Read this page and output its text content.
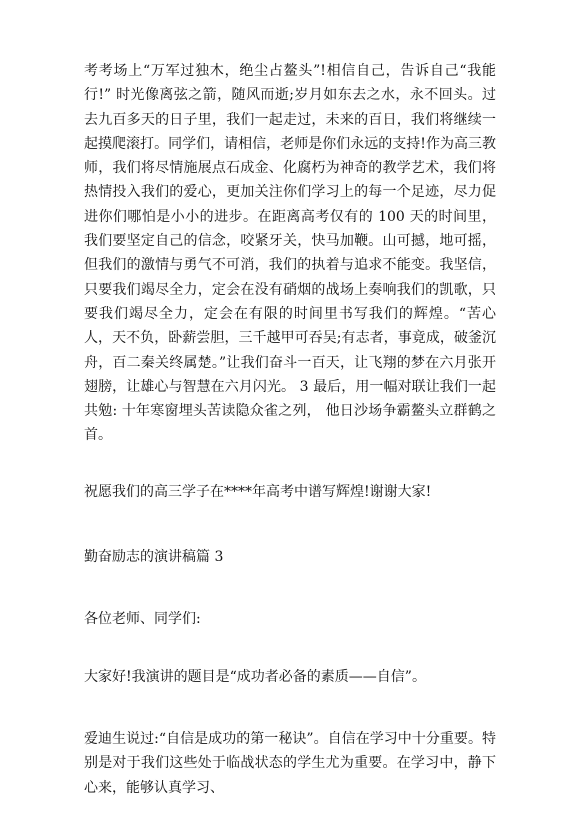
考考场上“万军过独木，绝尘占鳌头”!相信自己，告诉自己“我能行!” 时光像离弦之箭，随风而逝;岁月如东去之水，永不回头。过去九百多天的日子里，我们一起走过，未来的百日，我们将继续一起摸爬滚打。同学们，请相信，老师是你们永远的支持!作为高三教师，我们将尽情施展点石成金、化腐朽为神奇的教学艺术，我们将热情投入我们的爱心，更加关注你们学习上的每一个足迹，尽力促进你们哪怕是小小的进步。在距离高考仅有的 100 天的时间里，我们要坚定自己的信念，咬紧牙关，快马加鞭。山可撼，地可摇，但我们的激情与勇气不可消，我们的执着与追求不能变。我坚信，只要我们竭尽全力，定会在没有硝烟的战场上奏响我们的凯歌，只要我们竭尽全力，定会在有限的时间里书写我们的辉煌。“苦心人，天不负，卧薪尝胆，三千越甲可吞吴;有志者，事竟成，破釜沉舟，百二秦关终属楚。”让我们奋斗一百天，让飞翔的梦在六月张开翅膀，让雄心与智慧在六月闪光。 3 最后，用一幅对联让我们一起共勉: 十年寒窗埋头苦读隐众雀之列， 他日沙场争霸鳌头立群鹤之首。

祝愿我们的高三学子在****年高考中谱写辉煌!谢谢大家!

勤奋励志的演讲稿篇 3

各位老师、同学们:

大家好!我演讲的题目是“成功者必备的素质——自信”。

爱迪生说过:“自信是成功的第一秘诀”。自信在学习中十分重要。特别是对于我们这些处于临战状态的学生尤为重要。在学习中，静下心来，能够认真学习、
